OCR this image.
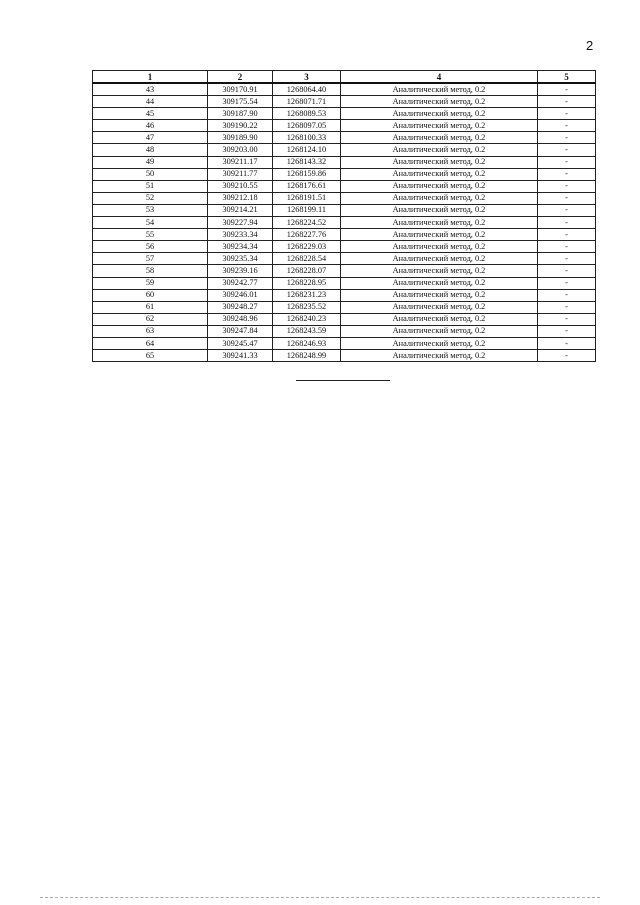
2
1	2	3	4	5
43	309170.91	1268064.40	Аналитический метод, 0.2	-
44	309175.54	1268071.71	Аналитический метод, 0.2	-
45	309187.90	1268089.53	Аналитический метод, 0.2	-
46	309190.22	1268097.05	Аналитический метод, 0.2	-
47	309189.90	1268100.33	Аналитический метод, 0.2	-
48	309203.00	1268124.10	Аналитический метод, 0.2	-
49	309211.17	1268143.32	Аналитический метод, 0.2	-
50	309211.77	1268159.86	Аналитический метод, 0.2	-
51	309210.55	1268176.61	Аналитический метод, 0.2	-
52	309212.18	1268191.51	Аналитический метод, 0.2	-
53	309214.21	1268199.11	Аналитический метод, 0.2	-
54	309227.94	1268224.52	Аналитический метод, 0.2	-
55	309233.34	1268227.76	Аналитический метод, 0.2	-
56	309234.34	1268229.03	Аналитический метод, 0.2	-
57	309235.34	1268228.54	Аналитический метод, 0.2	-
58	309239.16	1268228.07	Аналитический метод, 0.2	-
59	309242.77	1268228.95	Аналитический метод, 0.2	-
60	309246.01	1268231.23	Аналитический метод, 0.2	-
61	309248.27	1268235.52	Аналитический метод, 0.2	-
62	309248.96	1268240.23	Аналитический метод, 0.2	-
63	309247.84	1268243.59	Аналитический метод, 0.2	-
64	309245.47	1268246.93	Аналитический метод, 0.2	-
65	309241.33	1268248.99	Аналитический метод, 0.2	-
